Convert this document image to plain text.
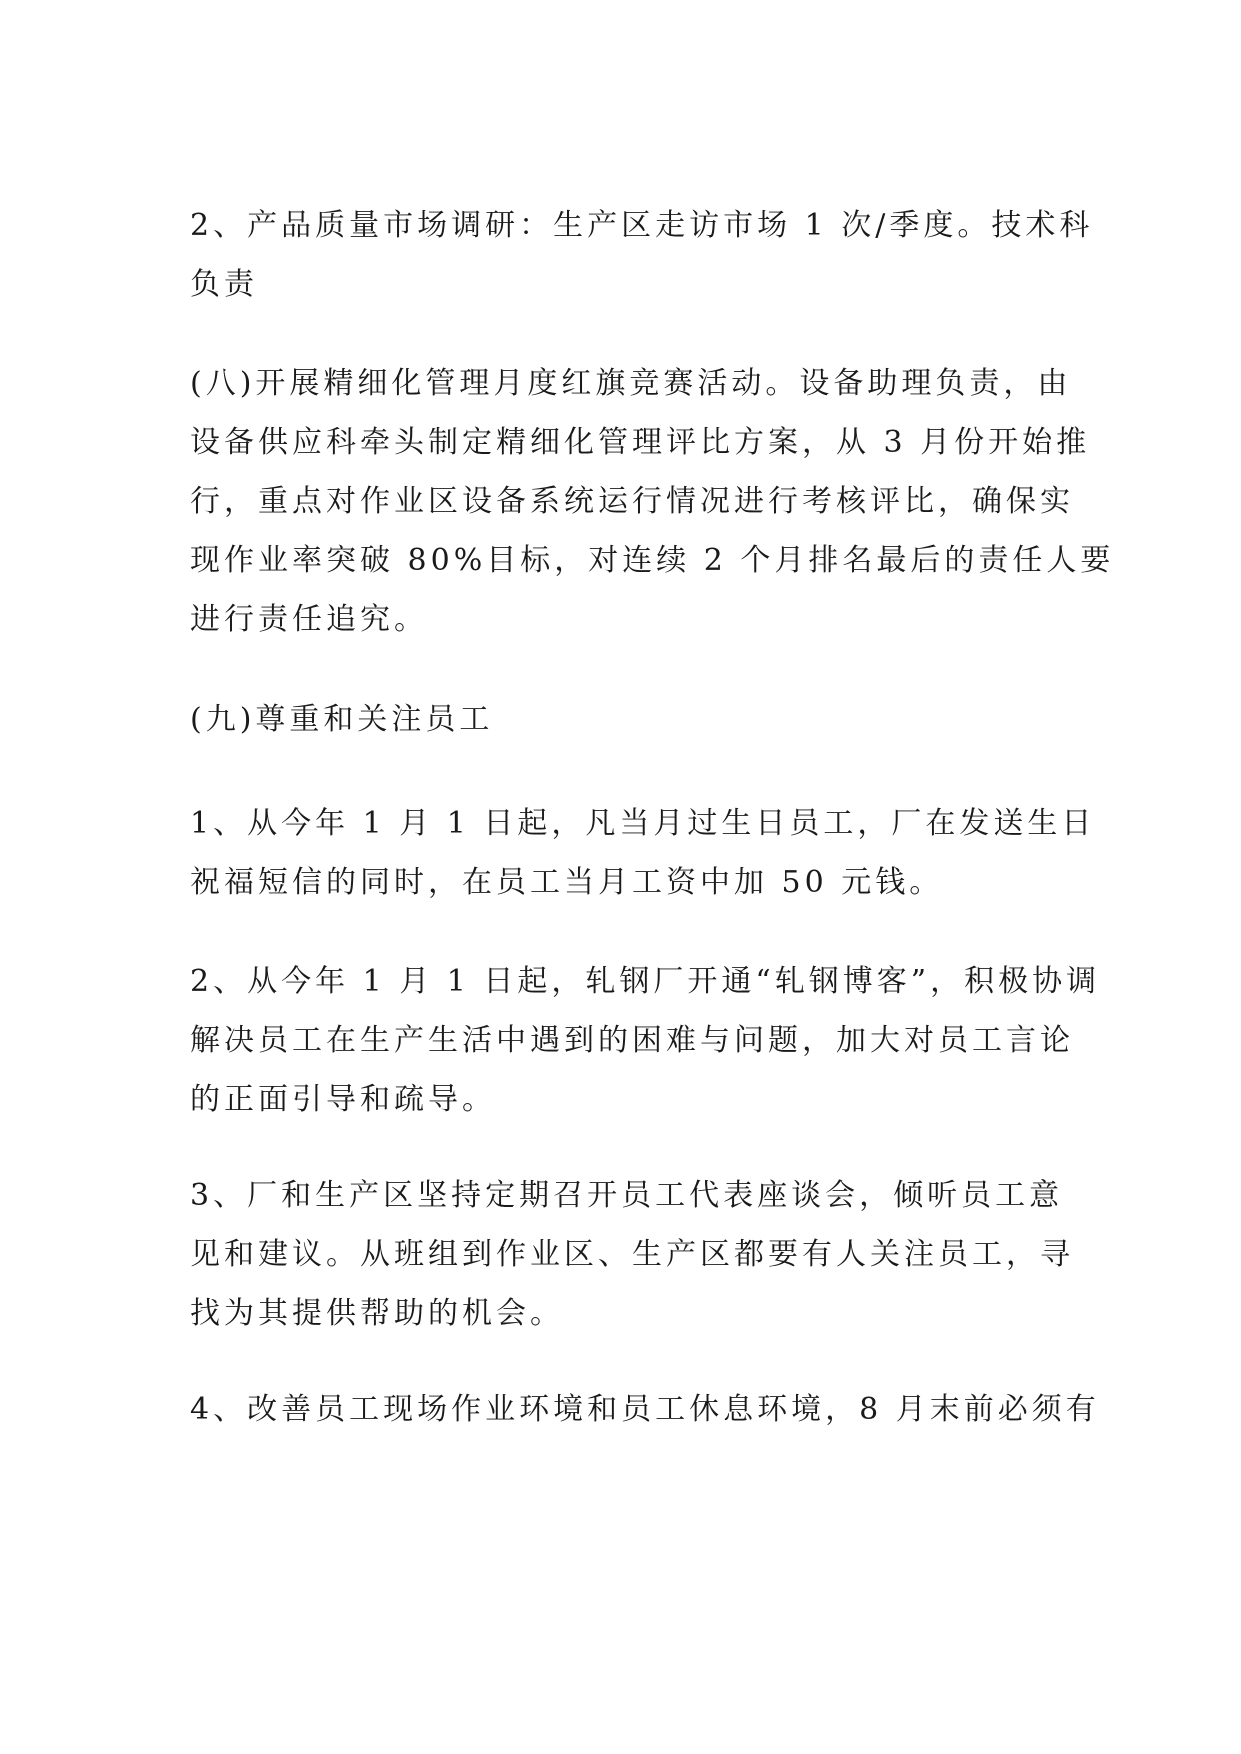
2、产品质量市场调研：生产区走访市场 1 次/季度。技术科
负责

(八)开展精细化管理月度红旗竞赛活动。设备助理负责，由
设备供应科牵头制定精细化管理评比方案，从 3 月份开始推
行，重点对作业区设备系统运行情况进行考核评比，确保实
现作业率突破 80%目标，对连续 2 个月排名最后的责任人要
进行责任追究。

(九)尊重和关注员工

1、从今年 1 月 1 日起，凡当月过生日员工，厂在发送生日
祝福短信的同时，在员工当月工资中加 50 元钱。

2、从今年 1 月 1 日起，轧钢厂开通“轧钢博客”，积极协调
解决员工在生产生活中遇到的困难与问题，加大对员工言论
的正面引导和疏导。

3、厂和生产区坚持定期召开员工代表座谈会，倾听员工意
见和建议。从班组到作业区、生产区都要有人关注员工，寻
找为其提供帮助的机会。

4、改善员工现场作业环境和员工休息环境，8 月末前必须有
